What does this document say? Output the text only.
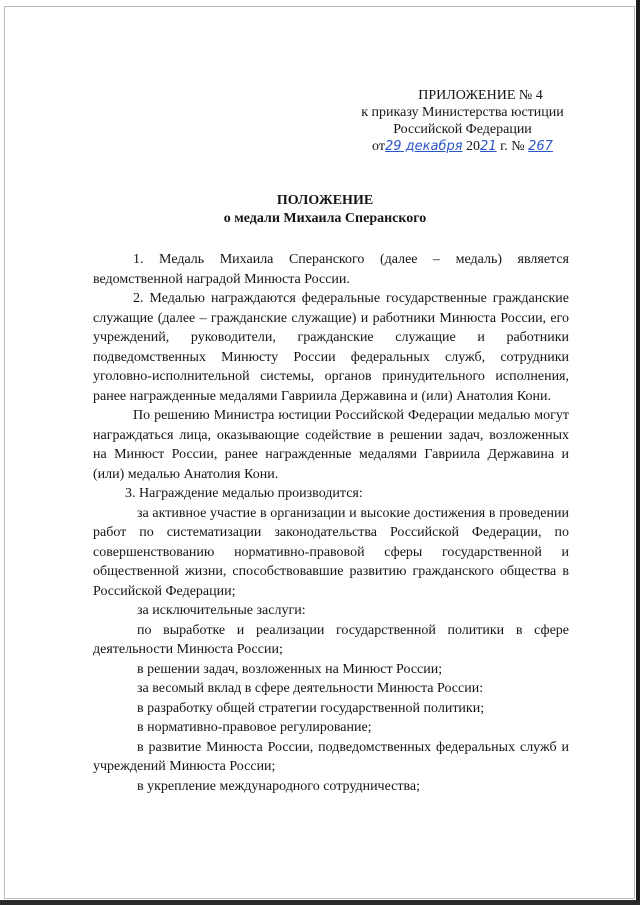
ПРИЛОЖЕНИЕ № 4
к приказу Министерства юстиции
Российской Федерации
от29 декабря 2021 г. № 267
ПОЛОЖЕНИЕ
о медали Михаила Сперанского

1. Медаль Михаила Сперанского (далее – медаль) является ведомственной наградой Минюста России.

2. Медалью награждаются федеральные государственные гражданские служащие (далее – гражданские служащие) и работники Минюста России, его учреждений, руководители, гражданские служащие и работники подведомственных Минюсту России федеральных служб, сотрудники уголовно-исполнительной системы, органов принудительного исполнения, ранее награжденные медалями Гавриила Державина и (или) Анатолия Кони.

По решению Министра юстиции Российской Федерации медалью могут награждаться лица, оказывающие содействие в решении задач, возложенных на Минюст России, ранее награжденные медалями Гавриила Державина и (или) медалью Анатолия Кони.

3. Награждение медалью производится:

за активное участие в организации и высокие достижения в проведении работ по систематизации законодательства Российской Федерации, по совершенствованию нормативно-правовой сферы государственной и общественной жизни, способствовавшие развитию гражданского общества в Российской Федерации;

за исключительные заслуги:

по выработке и реализации государственной политики в сфере деятельности Минюста России;

в решении задач, возложенных на Минюст России;

за весомый вклад в сфере деятельности Минюста России:

в разработку общей стратегии государственной политики;

в нормативно-правовое регулирование;

в развитие Минюста России, подведомственных федеральных служб и учреждений Минюста России;

в укрепление международного сотрудничества;
